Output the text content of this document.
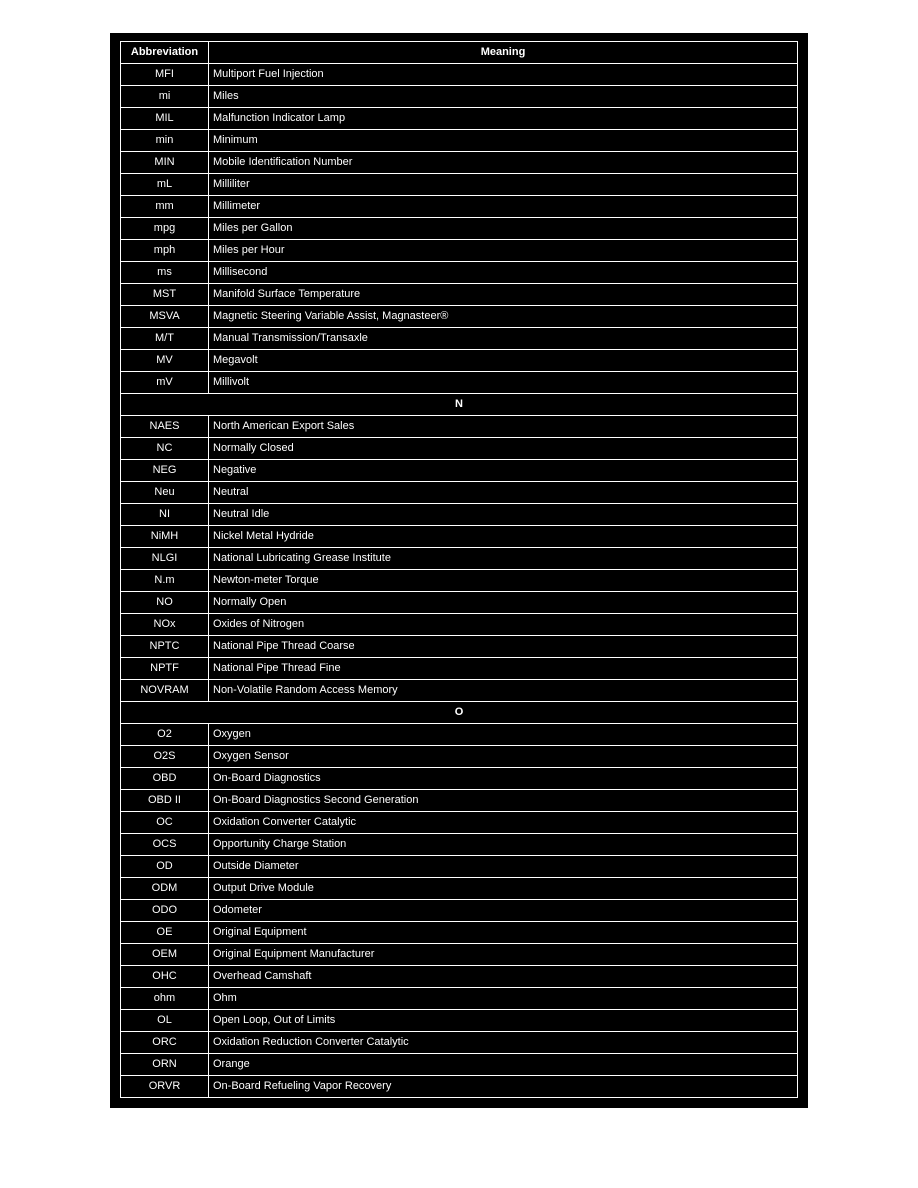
Abbreviation	Meaning
MFI	Multiport Fuel Injection
mi	Miles
MIL	Malfunction Indicator Lamp
min	Minimum
MIN	Mobile Identification Number
mL	Milliliter
mm	Millimeter
mpg	Miles per Gallon
mph	Miles per Hour
ms	Millisecond
MST	Manifold Surface Temperature
MSVA	Magnetic Steering Variable Assist, Magnasteer®
M/T	Manual Transmission/Transaxle
MV	Megavolt
mV	Millivolt
N	
NAES	North American Export Sales
NC	Normally Closed
NEG	Negative
Neu	Neutral
NI	Neutral Idle
NiMH	Nickel Metal Hydride
NLGI	National Lubricating Grease Institute
N.m	Newton-meter Torque
NO	Normally Open
NOx	Oxides of Nitrogen
NPTC	National Pipe Thread Coarse
NPTF	National Pipe Thread Fine
NOVRAM	Non-Volatile Random Access Memory
O	
O2	Oxygen
O2S	Oxygen Sensor
OBD	On-Board Diagnostics
OBD II	On-Board Diagnostics Second Generation
OC	Oxidation Converter Catalytic
OCS	Opportunity Charge Station
OD	Outside Diameter
ODM	Output Drive Module
ODO	Odometer
OE	Original Equipment
OEM	Original Equipment Manufacturer
OHC	Overhead Camshaft
ohm	Ohm
OL	Open Loop, Out of Limits
ORC	Oxidation Reduction Converter Catalytic
ORN	Orange
ORVR	On-Board Refueling Vapor Recovery
